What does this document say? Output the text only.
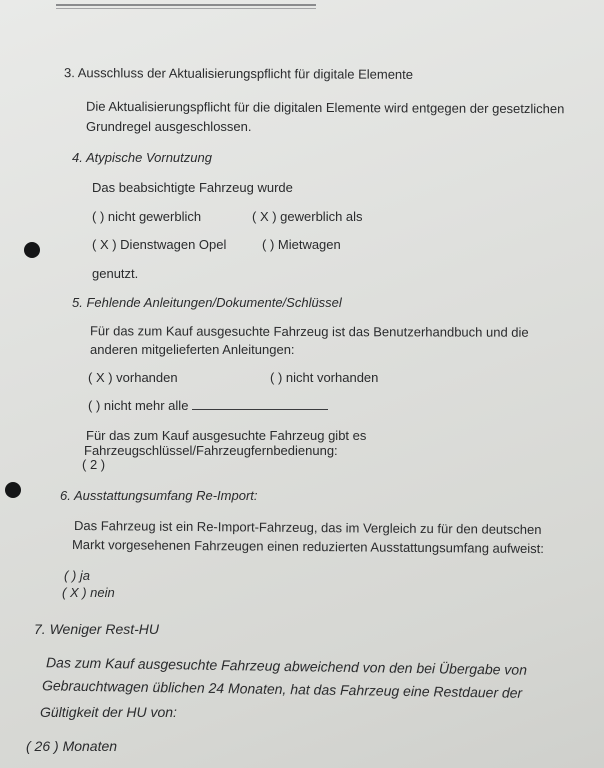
3. Ausschluss der Aktualisierungspflicht für digitale Elemente
Die Aktualisierungspflicht für die digitalen Elemente wird entgegen der gesetzlichen
Grundregel ausgeschlossen.
4. Atypische Vornutzung
Das beabsichtigte Fahrzeug wurde
( ) nicht gewerblich	( X ) gewerblich als
( X ) Dienstwagen Opel	( ) Mietwagen
genutzt.
5. Fehlende Anleitungen/Dokumente/Schlüssel
Für das zum Kauf ausgesuchte Fahrzeug ist das Benutzerhandbuch und die
anderen mitgelieferten Anleitungen:
( X ) vorhanden	( ) nicht vorhanden
( ) nicht mehr alle
Für das zum Kauf ausgesuchte Fahrzeug gibt es
Fahrzeugschlüssel/Fahrzeugfernbedienung:
( 2 )
6. Ausstattungsumfang Re-Import:
Das Fahrzeug ist ein Re-Import-Fahrzeug, das im Vergleich zu für den deutschen
Markt vorgesehenen Fahrzeugen einen reduzierten Ausstattungsumfang aufweist:
( ) ja
( X ) nein
7. Weniger Rest-HU
Das zum Kauf ausgesuchte Fahrzeug abweichend von den bei Übergabe von
Gebrauchtwagen üblichen 24 Monaten, hat das Fahrzeug eine Restdauer der
Gültigkeit der HU von:
( 26 ) Monaten
